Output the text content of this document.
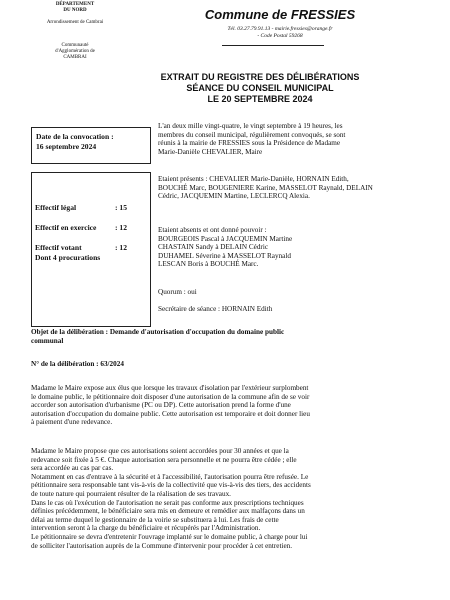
DÉPARTEMENT
DU NORD
Arrondissement de Cambrai
Communauté
d'Agglomération de
CAMBRAI
Commune de FRESSIES
Tél. 03.27.79.91.13 - mairie.fressies@orange.fr
- Code Postal 59268
EXTRAIT DU REGISTRE DES DÉLIBÉRATIONS
SÉANCE DU CONSEIL MUNICIPAL
LE 20 SEPTEMBRE 2024
Date de la convocation :
16 septembre 2024
Effectif légal	: 15
Effectif en exercice : 12
Effectif votant	: 12
Dont 4 procurations
L'an deux mille vingt-quatre, le vingt septembre à 19 heures, les
membres du conseil municipal, régulièrement convoqués, se sont
réunis à la mairie de FRESSIES sous la Présidence de Madame
Marie-Danièle CHEVALIER, Maire
Etaient présents : CHEVALIER Marie-Danièle, HORNAIN Edith,
BOUCHÉ Marc, BOUGENIERE Karine, MASSELOT Raynald, DELAIN
Cédric, JACQUEMIN Martine, LECLERCQ Alexia.
Etaient absents et ont donné pouvoir :
BOURGEOIS Pascal à JACQUEMIN Martine
CHASTAIN Sandy à DELAIN Cédric
DUHAMEL Séverine à MASSELOT Raynald
LESCAN Boris à BOUCHÉ Marc.
Quorum : oui
Secrétaire de séance : HORNAIN Edith
Objet de la délibération : Demande d'autorisation d'occupation du domaine public
communal
N° de la délibération : 63/2024
Madame le Maire expose aux élus que lorsque les travaux d'isolation par l'extérieur surplombent
le domaine public, le pétitionnaire doit disposer d'une autorisation de la commune afin de se voir
accorder son autorisation d'urbanisme (PC ou DP). Cette autorisation prend la forme d'une
autorisation d'occupation du domaine public. Cette autorisation est temporaire et doit donner lieu
à paiement d'une redevance.
Madame le Maire propose que ces autorisations soient accordées pour 30 années et que la
redevance soit fixée à 5 €. Chaque autorisation sera personnelle et ne pourra être cédée ; elle
sera accordée au cas par cas.
Notamment en cas d'entrave à la sécurité et à l'accessibilité, l'autorisation pourra être refusée. Le
pétitionnaire sera responsable tant vis-à-vis de la collectivité que vis-à-vis des tiers, des accidents
de toute nature qui pourraient résulter de la réalisation de ses travaux.
Dans le cas où l'exécution de l'autorisation ne serait pas conforme aux prescriptions techniques
définies précédemment, le bénéficiaire sera mis en demeure et remédier aux malfaçons dans un
délai au terme duquel le gestionnaire de la voirie se substituera à lui. Les frais de cette
intervention seront à la charge du bénéficiaire et récupérés par l'Administration.
Le pétitionnaire se devra d'entretenir l'ouvrage implanté sur le domaine public, à charge pour lui
de solliciter l'autorisation auprès de la Commune d'intervenir pour procéder à cet entretien.
